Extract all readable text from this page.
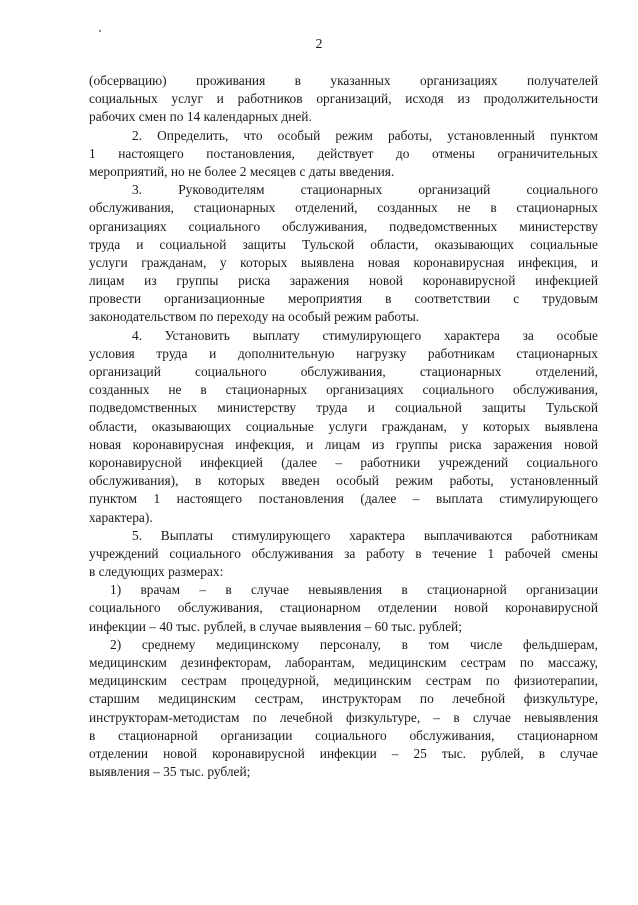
2
(обсервацию) проживания в указанных организациях получателей
социальных услуг и работников организаций, исходя из продолжительности
рабочих смен по 14 календарных дней.
2. Определить, что особый режим работы, установленный пунктом
1 настоящего постановления, действует до отмены ограничительных
мероприятий, но не более 2 месяцев с даты введения.
3. Руководителям стационарных организаций социального
обслуживания, стационарных отделений, созданных не в стационарных
организациях социального обслуживания, подведомственных министерству
труда и социальной защиты Тульской области, оказывающих социальные
услуги гражданам, у которых выявлена новая коронавирусная инфекция, и
лицам из группы риска заражения новой коронавирусной инфекцией
провести организационные мероприятия в соответствии с трудовым
законодательством по переходу на особый режим работы.
4. Установить выплату стимулирующего характера за особые
условия труда и дополнительную нагрузку работникам стационарных
организаций социального обслуживания, стационарных отделений,
созданных не в стационарных организациях социального обслуживания,
подведомственных министерству труда и социальной защиты Тульской
области, оказывающих социальные услуги гражданам, у которых выявлена
новая коронавирусная инфекция, и лицам из группы риска заражения новой
коронавирусной инфекцией (далее – работники учреждений социального
обслуживания), в которых введен особый режим работы, установленный
пунктом 1 настоящего постановления (далее – выплата стимулирующего
характера).
5. Выплаты стимулирующего характера выплачиваются работникам
учреждений социального обслуживания за работу в течение 1 рабочей смены
в следующих размерах:
1) врачам – в случае невыявления в стационарной организации
социального обслуживания, стационарном отделении новой коронавирусной
инфекции – 40 тыс. рублей, в случае выявления – 60 тыс. рублей;
2) среднему медицинскому персоналу, в том числе фельдшерам,
медицинским дезинфекторам, лаборантам, медицинским сестрам по массажу,
медицинским сестрам процедурной, медицинским сестрам по физиотерапии,
старшим медицинским сестрам, инструкторам по лечебной физкультуре,
инструкторам-методистам по лечебной физкультуре, – в случае невыявления
в стационарной организации социального обслуживания, стационарном
отделении новой коронавирусной инфекции – 25 тыс. рублей, в случае
выявления – 35 тыс. рублей;
